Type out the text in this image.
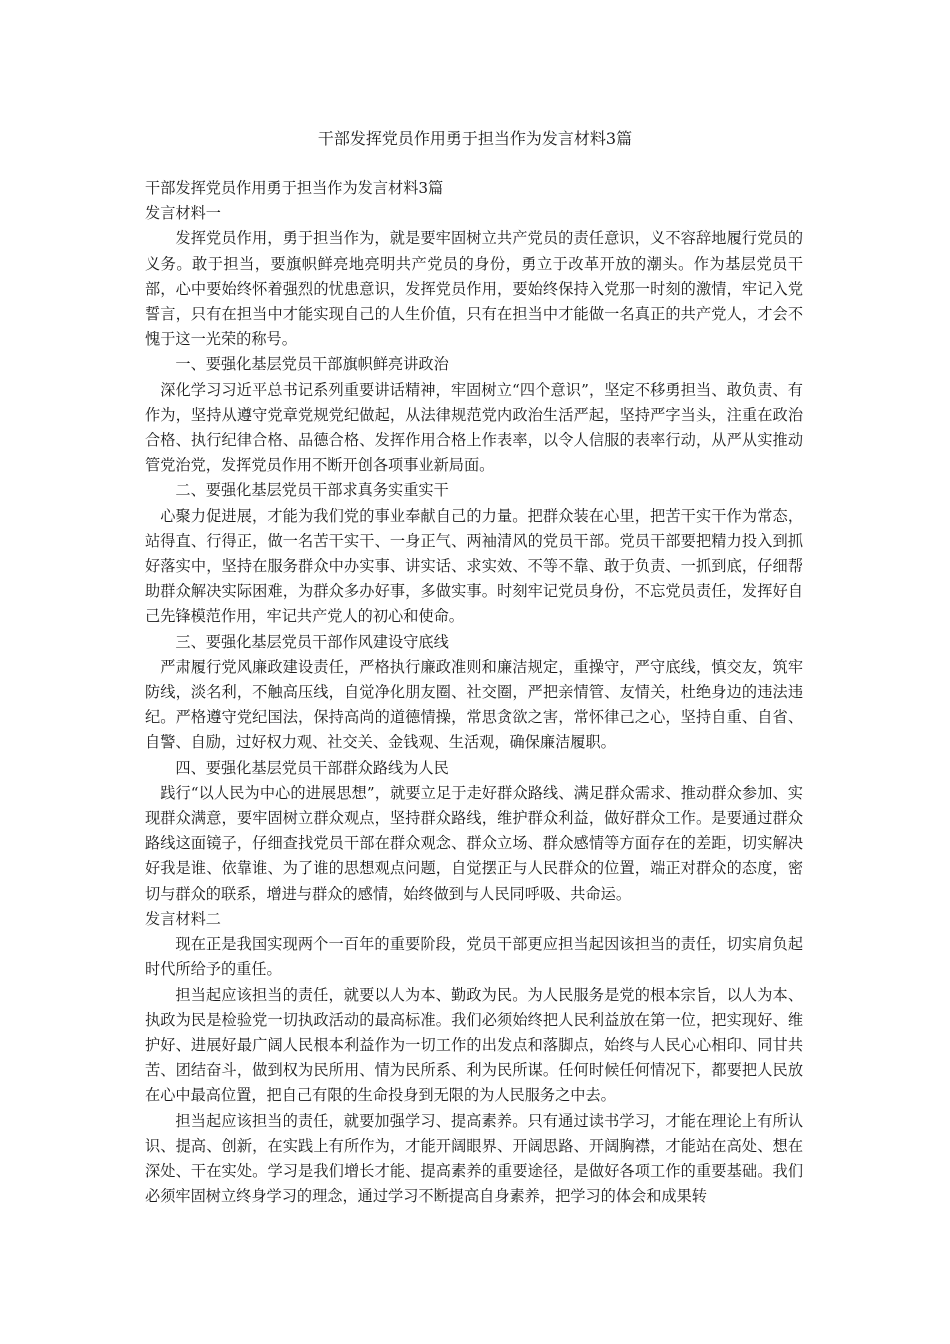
干部发挥党员作用勇于担当作为发言材料3篇

干部发挥党员作用勇于担当作为发言材料3篇

发言材料一

发挥党员作用，勇于担当作为，就是要牢固树立共产党员的责任意识，义不容辞地履行党员的义务。敢于担当，要旗帜鲜亮地亮明共产党员的身份，勇立于改革开放的潮头。作为基层党员干部，心中要始终怀着强烈的忧患意识，发挥党员作用，要始终保持入党那一时刻的激情，牢记入党誓言，只有在担当中才能实现自己的人生价值，只有在担当中才能做一名真正的共产党人，才会不愧于这一光荣的称号。

一、要强化基层党员干部旗帜鲜亮讲政治

深化学习习近平总书记系列重要讲话精神，牢固树立“四个意识”，坚定不移勇担当、敢负责、有作为，坚持从遵守党章党规党纪做起，从法律规范党内政治生活严起，坚持严字当头，注重在政治合格、执行纪律合格、品德合格、发挥作用合格上作表率，以令人信服的表率行动，从严从实推动管党治党，发挥党员作用不断开创各项事业新局面。

二、要强化基层党员干部求真务实重实干

心聚力促进展，才能为我们党的事业奉献自己的力量。把群众装在心里，把苦干实干作为常态，站得直、行得正，做一名苦干实干、一身正气、两袖清风的党员干部。党员干部要把精力投入到抓好落实中，坚持在服务群众中办实事、讲实话、求实效、不等不靠、敢于负责、一抓到底，仔细帮助群众解决实际困难，为群众多办好事，多做实事。时刻牢记党员身份，不忘党员责任，发挥好自己先锋模范作用，牢记共产党人的初心和使命。

三、要强化基层党员干部作风建设守底线

严肃履行党风廉政建设责任，严格执行廉政准则和廉洁规定，重操守，严守底线，慎交友，筑牢防线，淡名利，不触高压线，自觉净化朋友圈、社交圈，严把亲情管、友情关，杜绝身边的违法违纪。严格遵守党纪国法，保持高尚的道德情操，常思贪欲之害，常怀律己之心，坚持自重、自省、自警、自励，过好权力观、社交关、金钱观、生活观，确保廉洁履职。

四、要强化基层党员干部群众路线为人民

践行“以人民为中心的进展思想”，就要立足于走好群众路线、满足群众需求、推动群众参加、实现群众满意，要牢固树立群众观点，坚持群众路线，维护群众利益，做好群众工作。是要通过群众路线这面镜子，仔细查找党员干部在群众观念、群众立场、群众感情等方面存在的差距，切实解决好我是谁、依靠谁、为了谁的思想观点问题，自觉摆正与人民群众的位置，端正对群众的态度，密切与群众的联系，增进与群众的感情，始终做到与人民同呼吸、共命运。

发言材料二

现在正是我国实现两个一百年的重要阶段，党员干部更应担当起因该担当的责任，切实肩负起时代所给予的重任。

担当起应该担当的责任，就要以人为本、勤政为民。为人民服务是党的根本宗旨，以人为本、执政为民是检验党一切执政活动的最高标准。我们必须始终把人民利益放在第一位，把实现好、维护好、进展好最广阔人民根本利益作为一切工作的出发点和落脚点，始终与人民心心相印、同甘共苦、团结奋斗，做到权为民所用、情为民所系、利为民所谋。任何时候任何情况下，都要把人民放在心中最高位置，把自己有限的生命投身到无限的为人民服务之中去。

担当起应该担当的责任，就要加强学习、提高素养。只有通过读书学习，才能在理论上有所认识、提高、创新，在实践上有所作为，才能开阔眼界、开阔思路、开阔胸襟，才能站在高处、想在深处、干在实处。学习是我们增长才能、提高素养的重要途径，是做好各项工作的重要基础。我们必须牢固树立终身学习的理念，通过学习不断提高自身素养，把学习的体会和成果转
